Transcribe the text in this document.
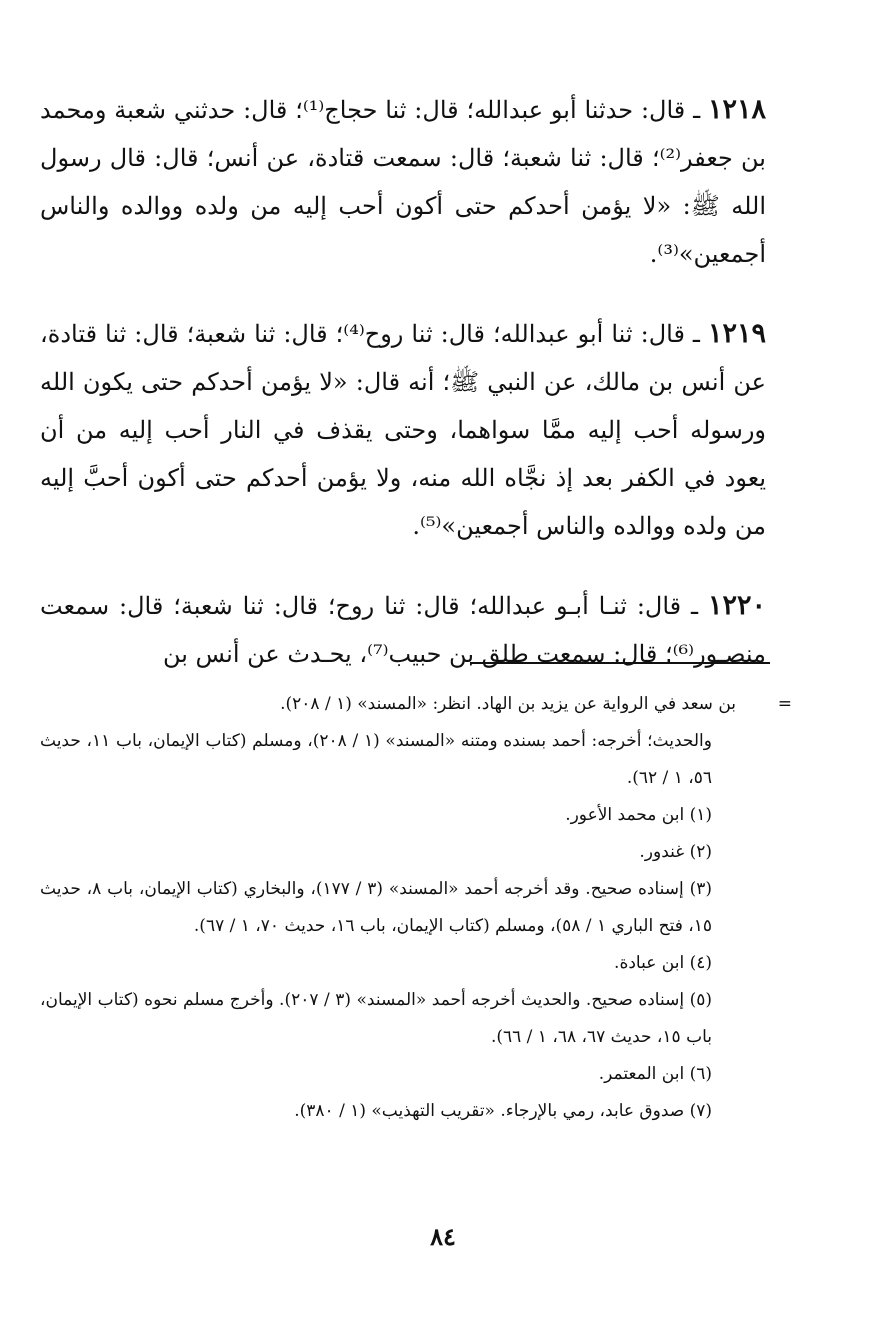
١٢١٨ ـ قال: حدثنا أبو عبدالله؛ قال: ثنا حجاج⁽¹⁾؛ قال: حدثني شعبة ومحمد بن جعفر⁽²⁾؛ قال: ثنا شعبة؛ قال: سمعت قتادة، عن أنس؛ قال: قال رسول الله ﷺ: «لا يؤمن أحدكم حتى أكون أحب إليه من ولده ووالده والناس أجمعين»⁽³⁾.

١٢١٩ ـ قال: ثنا أبو عبدالله؛ قال: ثنا روح⁽⁴⁾؛ قال: ثنا شعبة؛ قال: ثنا قتادة، عن أنس بن مالك، عن النبي ﷺ؛ أنه قال: «لا يؤمن أحدكم حتى يكون الله ورسوله أحب إليه ممَّا سواهما، وحتى يقذف في النار أحب إليه من أن يعود في الكفر بعد إذ نجَّاه الله منه، ولا يؤمن أحدكم حتى أكون أحبَّ إليه من ولده ووالده والناس أجمعين»⁽⁵⁾.

١٢٢٠ ـ قال: ثنـا أبـو عبدالله؛ قال: ثنا روح؛ قال: ثنا شعبة؛ قال: سمعت منصـور⁽⁶⁾؛ قال: سمعت طلق بن حبيب⁽⁷⁾، يحـدث عن أنس بن

=
بن سعد في الرواية عن يزيد بن الهاد. انظر: «المسند» (١ / ٢٠٨).

والحديث؛ أخرجه: أحمد بسنده ومتنه «المسند» (١ / ٢٠٨)، ومسلم (كتاب الإيمان، باب ١١، حديث ٥٦، ١ / ٦٢).

(١) ابن محمد الأعور.

(٢) غندور.

(٣) إسناده صحيح. وقد أخرجه أحمد «المسند» (٣ / ١٧٧)، والبخاري (كتاب الإيمان، باب ٨، حديث ١٥، فتح الباري ١ / ٥٨)، ومسلم (كتاب الإيمان، باب ١٦، حديث ٧٠، ١ / ٦٧).

(٤) ابن عبادة.

(٥) إسناده صحيح. والحديث أخرجه أحمد «المسند» (٣ / ٢٠٧). وأخرج مسلم نحوه (كتاب الإيمان، باب ١٥، حديث ٦٧، ٦٨، ١ / ٦٦).

(٦) ابن المعتمر.

(٧) صدوق عابد، رمي بالإرجاء. «تقريب التهذيب» (١ / ٣٨٠).

٨٤
